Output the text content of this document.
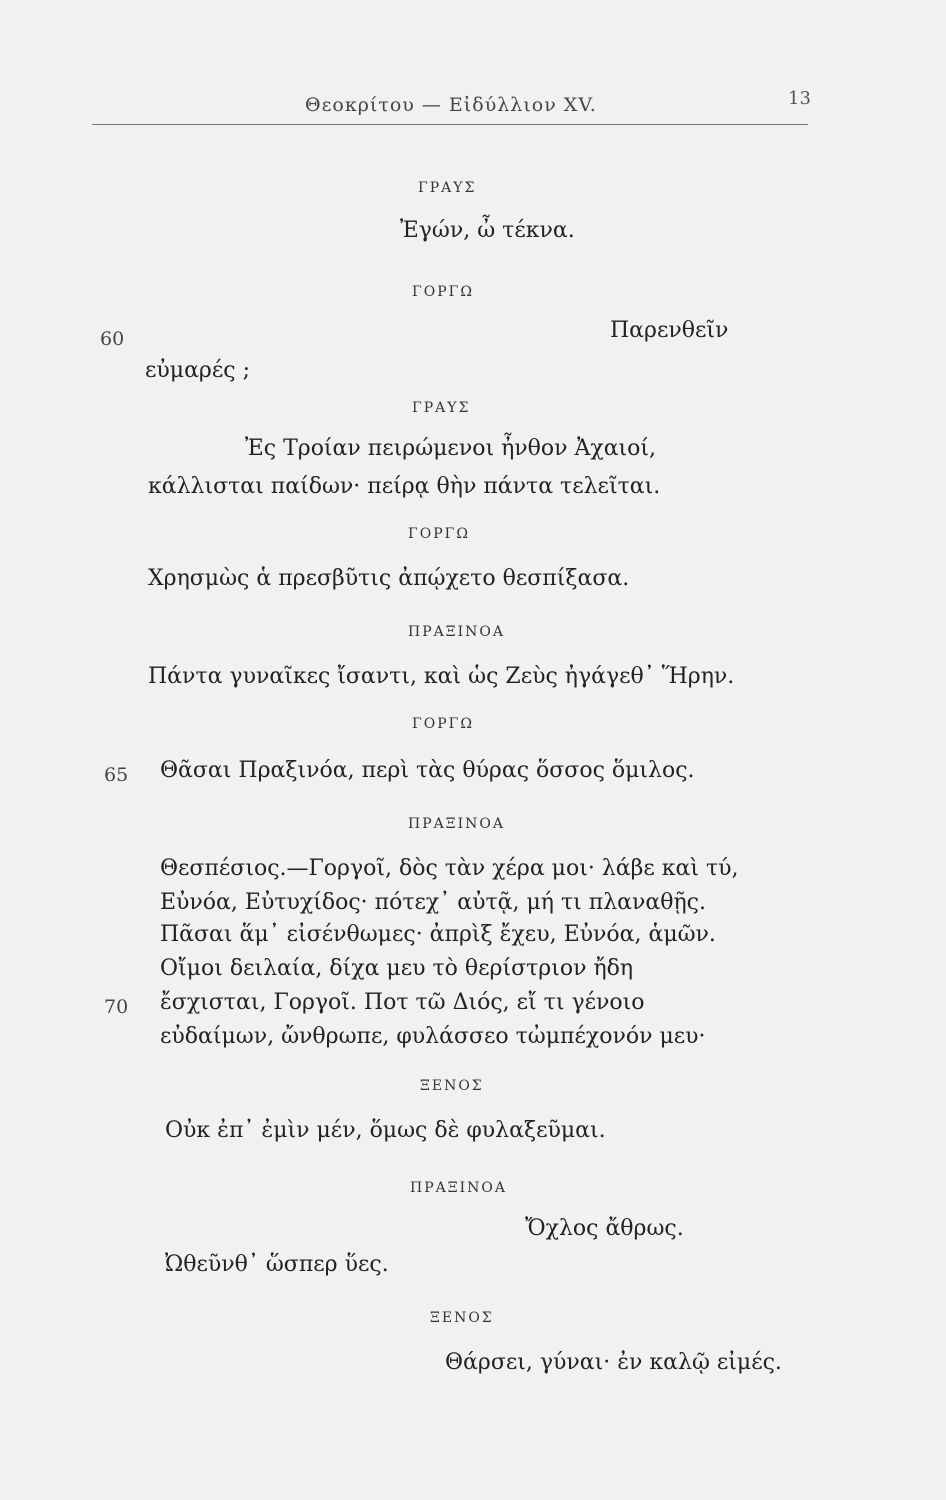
Θεοκρίτου — Εἰδύλλιον ΧV.	13
ΓΡΑΥΣ
Ἐγών, ὦ τέκνα.
ΓΟΡΓΩ
60	Παρενθεῖν
εὐμαρές ;
ΓΡΑΥΣ
Ἐς Τροίαν πειρώμενοι ἦνθον Ἀχαιοί,
κάλλισται παίδων· πείρᾳ θὴν πάντα τελεῖται.
ΓΟΡΓΩ
Χρησμὼς ἁ πρεσβῦτις ἀπῴχετο θεσπίξασα.
ΠΡΑΞΙΝΟΑ
Πάντα γυναῖκες ἴσαντι, καὶ ὡς Ζεὺς ἠγάγεθ᾽ Ἥρην.
ΓΟΡΓΩ
65 Θᾶσαι Πραξινόα, περὶ τὰς θύρας ὅσσος ὅμιλος.
ΠΡΑΞΙΝΟΑ
Θεσπέσιος.—Γοργοῖ, δὸς τὰν χέρα μοι· λάβε καὶ τύ,
Εὐνόα, Εὐτυχίδος· πότεχ᾽ αὐτᾷ, μή τι πλαναθῇς.
Πᾶσαι ἅμ᾽ εἰσένθωμες· ἀπρὶξ ἔχευ, Εὐνόα, ἁμῶν.
Οἴμοι δειλαία, δίχα μευ τὸ θερίστριον ἤδη
70 ἔσχισται, Γοργοῖ. Ποτ τῶ Διός, εἴ τι γένοιο
εὐδαίμων, ὤνθρωπε, φυλάσσεο τὠμπέχονόν μευ·
ΞΕΝΟΣ
Οὐκ ἐπ᾽ ἐμὶν μέν, ὅμως δὲ φυλαξεῦμαι.
ΠΡΑΞΙΝΟΑ
Ὄχλος ἄθρως.
Ὠθεῦνθ᾽ ὥσπερ ὕες.
ΞΕΝΟΣ
Θάρσει, γύναι· ἐν καλῷ εἰμές.
